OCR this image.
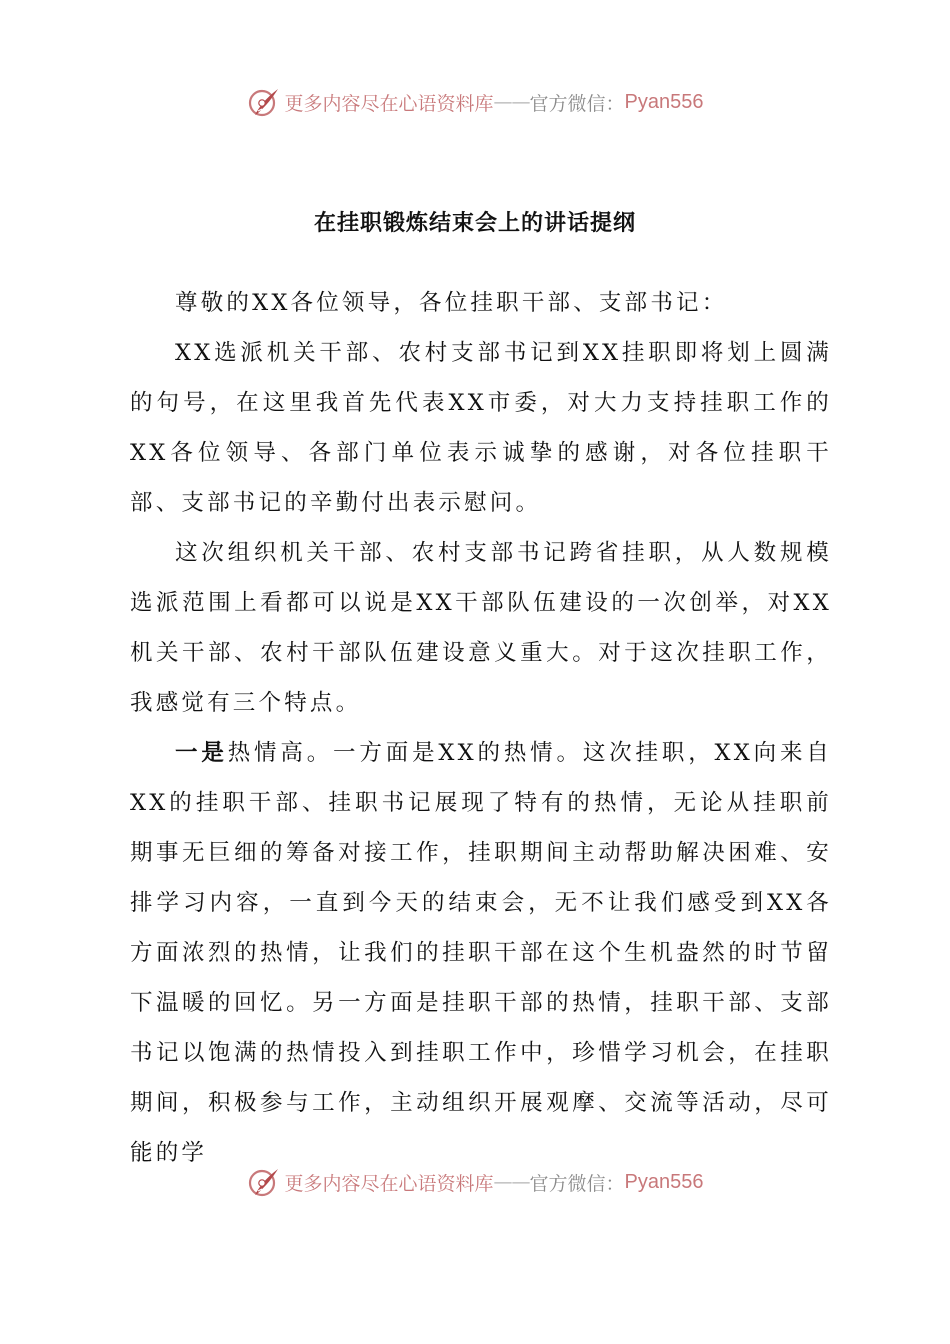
更多内容尽在心语资料库 —— 官方微信： Pyan556
在挂职锻炼结束会上的讲话提纲

尊敬的XX各位领导，各位挂职干部、支部书记：

XX选派机关干部、农村支部书记到XX挂职即将划上圆满的句号，在这里我首先代表XX市委，对大力支持挂职工作的XX各位领导、各部门单位表示诚挚的感谢，对各位挂职干部、支部书记的辛勤付出表示慰问。

这次组织机关干部、农村支部书记跨省挂职，从人数规模选派范围上看都可以说是XX干部队伍建设的一次创举，对XX机关干部、农村干部队伍建设意义重大。对于这次挂职工作，我感觉有三个特点。

一是热情高。一方面是XX的热情。这次挂职，XX向来自XX的挂职干部、挂职书记展现了特有的热情，无论从挂职前期事无巨细的筹备对接工作，挂职期间主动帮助解决困难、安排学习内容，一直到今天的结束会，无不让我们感受到XX各方面浓烈的热情，让我们的挂职干部在这个生机盎然的时节留下温暖的回忆。另一方面是挂职干部的热情，挂职干部、支部书记以饱满的热情投入到挂职工作中，珍惜学习机会，在挂职期间，积极参与工作，主动组织开展观摩、交流等活动，尽可能的学

更多内容尽在心语资料库 —— 官方微信： Pyan556
